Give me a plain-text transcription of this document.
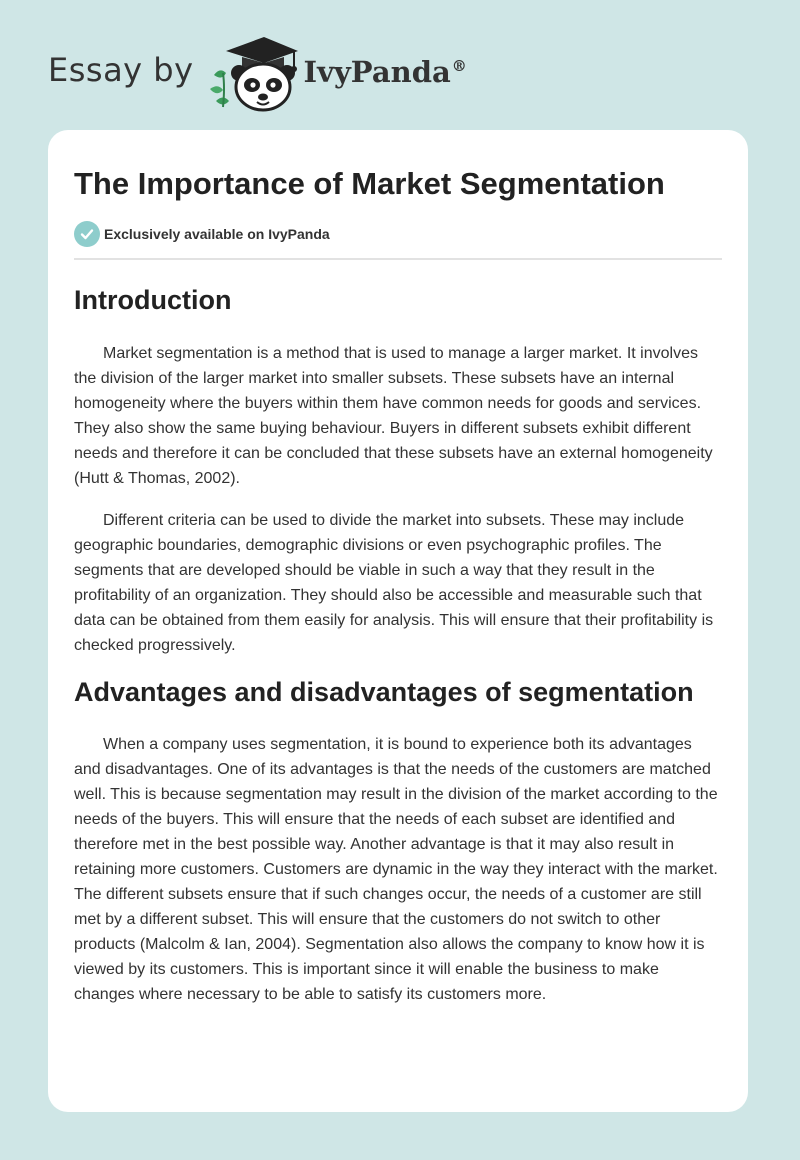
Essay by	IvyPanda®
The Importance of Market Segmentation
Exclusively available on IvyPanda
Introduction

Market segmentation is a method that is used to manage a larger market. It involves the division of the larger market into smaller subsets. These subsets have an internal homogeneity where the buyers within them have common needs for goods and services. They also show the same buying behaviour. Buyers in different subsets exhibit different needs and therefore it can be concluded that these subsets have an external homogeneity (Hutt & Thomas, 2002).

Different criteria can be used to divide the market into subsets. These may include geographic boundaries, demographic divisions or even psychographic profiles. The segments that are developed should be viable in such a way that they result in the profitability of an organization. They should also be accessible and measurable such that data can be obtained from them easily for analysis. This will ensure that their profitability is checked progressively.

Advantages and disadvantages of segmentation

When a company uses segmentation, it is bound to experience both its advantages and disadvantages. One of its advantages is that the needs of the customers are matched well. This is because segmentation may result in the division of the market according to the needs of the buyers. This will ensure that the needs of each subset are identified and therefore met in the best possible way. Another advantage is that it may also result in retaining more customers. Customers are dynamic in the way they interact with the market. The different subsets ensure that if such changes occur, the needs of a customer are still met by a different subset. This will ensure that the customers do not switch to other products (Malcolm & Ian, 2004). Segmentation also allows the company to know how it is viewed by its customers. This is important since it will enable the business to make changes where necessary to be able to satisfy its customers more.
